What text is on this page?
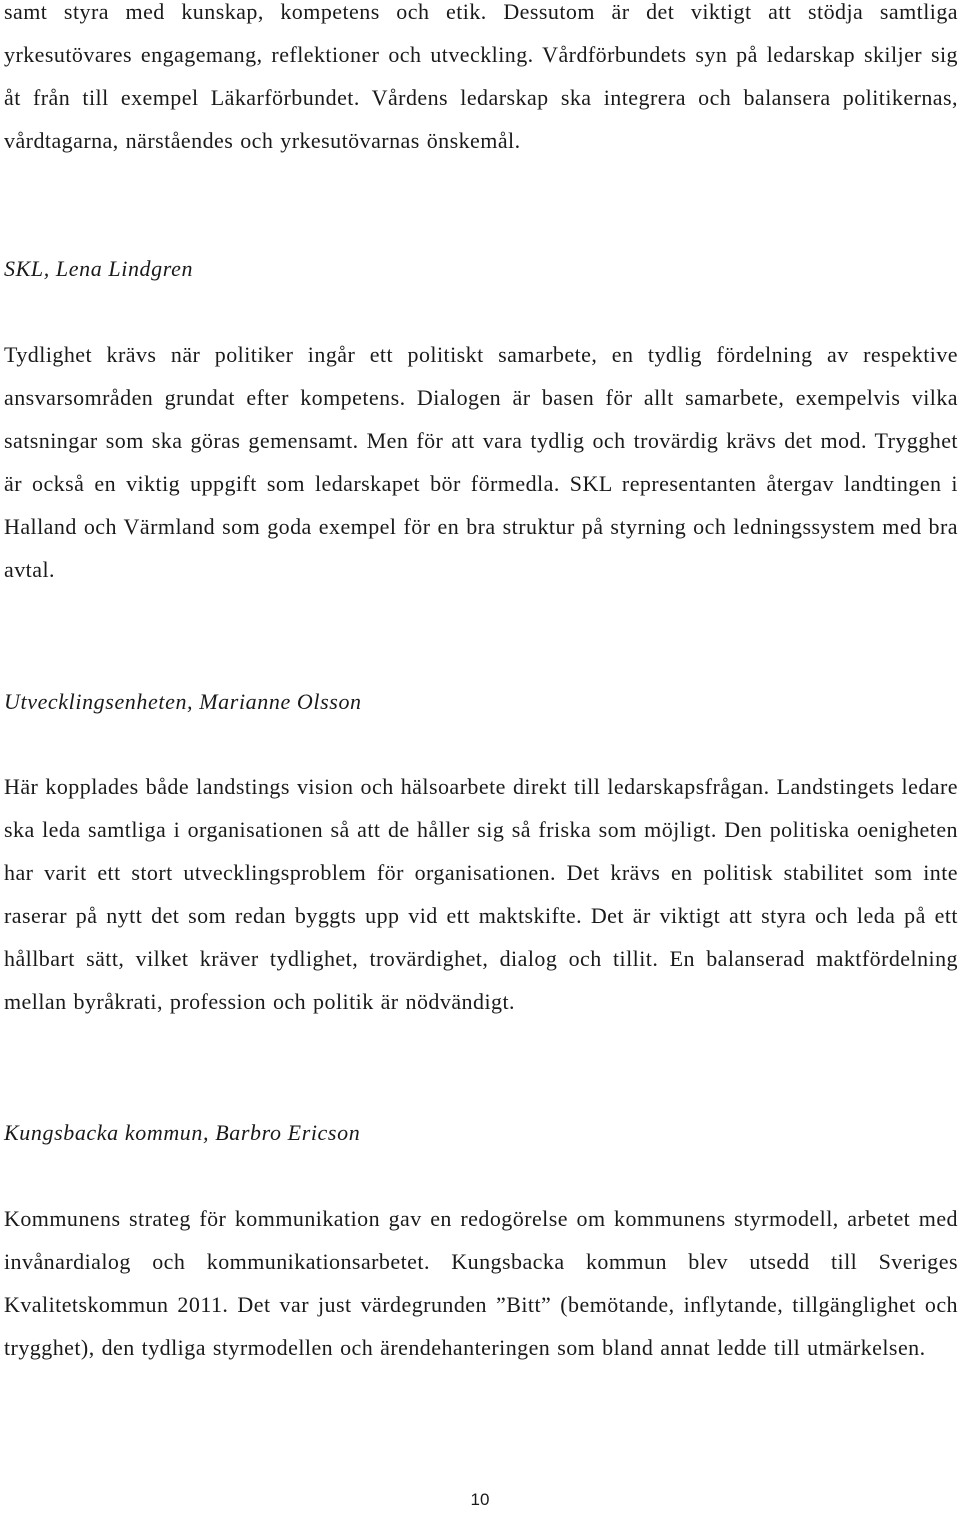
samt styra med kunskap, kompetens och etik. Dessutom är det viktigt att stödja samtliga yrkesutövares engagemang, reflektioner och utveckling. Vårdförbundets syn på ledarskap skiljer sig åt från till exempel Läkarförbundet. Vårdens ledarskap ska integrera och balansera politikernas, vårdtagarna, närståendes och yrkesutövarnas önskemål.

SKL, Lena Lindgren

Tydlighet krävs när politiker ingår ett politiskt samarbete, en tydlig fördelning av respektive ansvarsområden grundat efter kompetens. Dialogen är basen för allt samarbete, exempelvis vilka satsningar som ska göras gemensamt. Men för att vara tydlig och trovärdig krävs det mod. Trygghet är också en viktig uppgift som ledarskapet bör förmedla. SKL representanten återgav landtingen i Halland och Värmland som goda exempel för en bra struktur på styrning och ledningssystem med bra avtal.

Utvecklingsenheten, Marianne Olsson

Här kopplades både landstings vision och hälsoarbete direkt till ledarskapsfrågan. Landstingets ledare ska leda samtliga i organisationen så att de håller sig så friska som möjligt. Den politiska oenigheten har varit ett stort utvecklingsproblem för organisationen. Det krävs en politisk stabilitet som inte raserar på nytt det som redan byggts upp vid ett maktskifte. Det är viktigt att styra och leda på ett hållbart sätt, vilket kräver tydlighet, trovärdighet, dialog och tillit. En balanserad maktfördelning mellan byråkrati, profession och politik är nödvändigt.

Kungsbacka kommun, Barbro Ericson

Kommunens strateg för kommunikation gav en redogörelse om kommunens styrmodell, arbetet med invånardialog och kommunikationsarbetet. Kungsbacka kommun blev utsedd till Sveriges Kvalitetskommun 2011. Det var just värdegrunden ”Bitt” (bemötande, inflytande, tillgänglighet och trygghet), den tydliga styrmodellen och ärendehanteringen som bland annat ledde till utmärkelsen.

10
